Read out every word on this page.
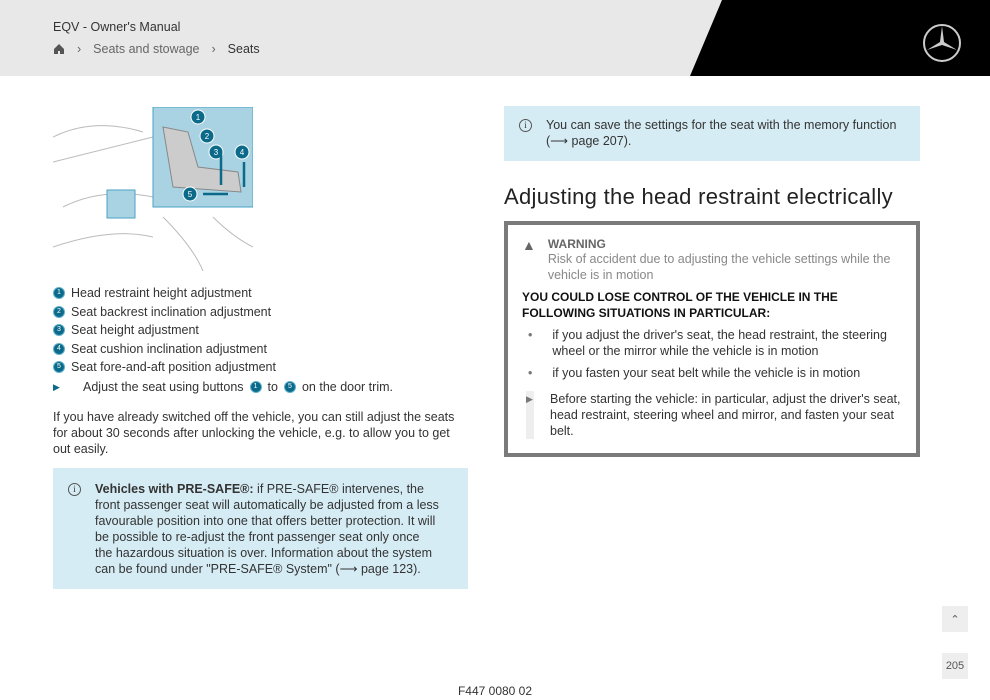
EQV - Owner's Manual
› Seats and stowage › Seats
1
2
3	4
5
1 Head restraint height adjustment
2 Seat backrest inclination adjustment
3 Seat height adjustment
4 Seat cushion inclination adjustment
5 Seat fore-and-aft position adjustment
▶	Adjust the seat using buttons	1 to	5 on the door trim.

If you have already switched off the vehicle, you can still adjust the seats for about 30 seconds after unlocking the vehicle, e.g. to allow you to get out easily.

i	Vehicles with PRE-SAFE®: if PRE-SAFE® intervenes, the front passenger seat will automatically be adjusted from a less favourable position into one that offers better protection. It will be possible to re-adjust the front passenger seat only once the hazardous situation is over. Information about the system can be found under "PRE-SAFE® System" (⟶ page 123).
i	You can save the settings for the seat with the memory function (⟶ page 207).
Adjusting the head restraint electrically
▲ WARNING
Risk of accident due to adjusting the vehicle settings while the vehicle is in motion
YOU COULD LOSE CONTROL OF THE VEHICLE IN THE FOLLOWING SITUATIONS IN PARTICULAR:
• if you adjust the driver's seat, the head restraint, the steering wheel or the mirror while the vehicle is in motion
• if you fasten your seat belt while the vehicle is in motion
▶ Before starting the vehicle: in particular, adjust the driver's seat, head restraint, steering wheel and mirror, and fasten your seat belt.
⌃
205
F447 0080 02
